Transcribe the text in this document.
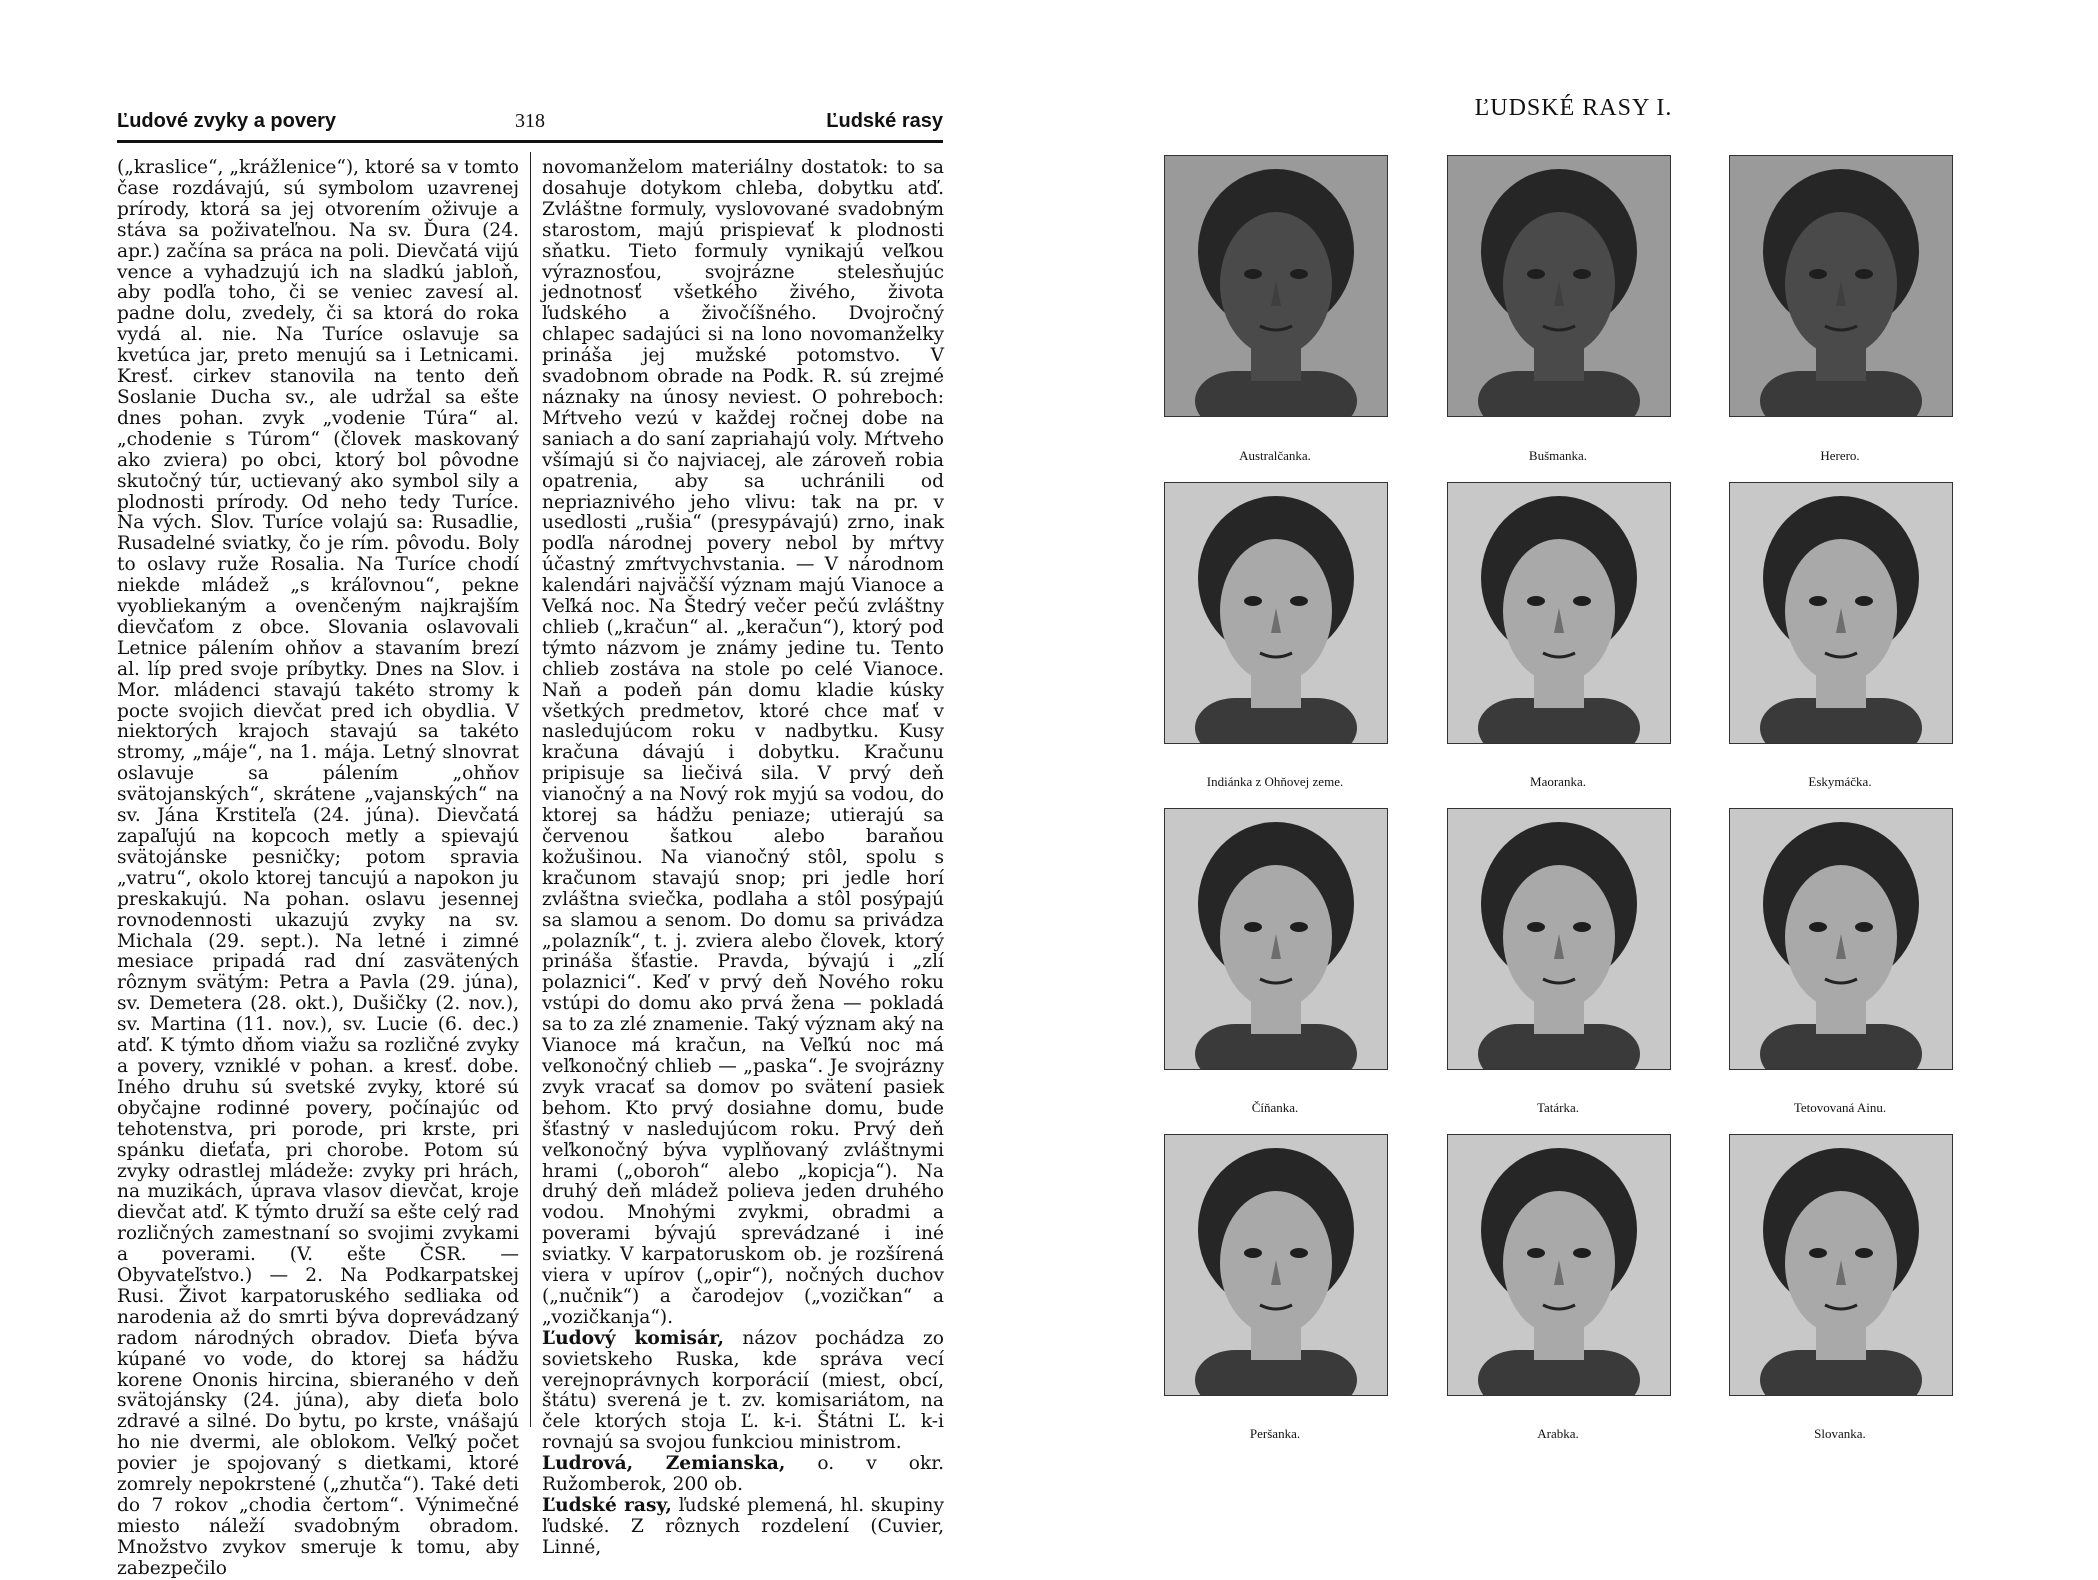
Ľudové zvyky a povery	318	Ľudské rasy

(„kraslice“, „krážlenice“), ktoré sa v tomto čase rozdávajú, sú symbolom uzavrenej prírody, ktorá sa jej otvorením oživuje a stáva sa poživateľnou. Na sv. Ďura (24. apr.) začína sa práca na poli. Dievčatá vijú vence a vyhadzujú ich na sladkú jabloň, aby podľa toho, či se veniec zavesí al. padne dolu, zvedely, či sa ktorá do roka vydá al. nie. Na Turíce oslavuje sa kvetúca jar, preto menujú sa i Letnicami. Kresť. cirkev stanovila na tento deň Soslanie Ducha sv., ale udržal sa ešte dnes pohan. zvyk „vodenie Túra“ al. „chodenie s Túrom“ (človek maskovaný ako zviera) po obci, ktorý bol pôvodne skutočný túr, uctievaný ako symbol sily a plodnosti prírody. Od neho tedy Turíce. Na vých. Slov. Turíce volajú sa: Rusadlie, Rusadelné sviatky, čo je rím. pôvodu. Boly to oslavy ruže Rosalia. Na Turíce chodí niekde mládež „s kráľovnou“, pekne vyobliekaným a ovenčeným najkrajším dievčaťom z obce. Slovania oslavovali Letnice pálením ohňov a stavaním brezí al. líp pred svoje príbytky. Dnes na Slov. i Mor. mládenci stavajú takéto stromy k pocte svojich dievčat pred ich obydlia. V niektorých krajoch stavajú sa takéto stromy, „máje“, na 1. mája. Letný slnovrat oslavuje sa pálením „ohňov svätojanských“, skrátene „vajanských“ na sv. Jána Krstiteľa (24. júna). Dievčatá zapaľujú na kopcoch metly a spievajú svätojánske pesničky; potom spravia „vatru“, okolo ktorej tancujú a napokon ju preskakujú. Na pohan. oslavu jesennej rovnodennosti ukazujú zvyky na sv. Michala (29. sept.). Na letné i zimné mesiace pripadá rad dní zasvätených rôznym svätým: Petra a Pavla (29. júna), sv. Demetera (28. okt.), Dušičky (2. nov.), sv. Martina (11. nov.), sv. Lucie (6. dec.) atď. K týmto dňom viažu sa rozličné zvyky a povery, vzniklé v pohan. a kresť. dobe. Iného druhu sú svetské zvyky, ktoré sú obyčajne rodinné povery, počínajúc od tehotenstva, pri porode, pri krste, pri spánku dieťaťa, pri chorobe. Potom sú zvyky odrastlej mládeže: zvyky pri hrách, na muzikách, úprava vlasov dievčat, kroje dievčat atď. K týmto druží sa ešte celý rad rozličných zamestnaní so svojimi zvykami a poverami. (V. ešte ČSR. — Obyvateľstvo.) — 2. Na Podkarpatskej Rusi. Život karpatoruského sedliaka od narodenia až do smrti býva doprevádzaný radom národných obradov. Dieťa býva kúpané vo vode, do ktorej sa hádžu korene Ononis hircina, sbieraného v deň svätojánsky (24. júna), aby dieťa bolo zdravé a silné. Do bytu, po krste, vnášajú ho nie dvermi, ale oblokom. Veľký počet povier je spojovaný s dietkami, ktoré zomrely nepokrstené („zhutča“). Také deti do 7 rokov „chodia čertom“. Výnimečné miesto náleží svadobným obradom. Množstvo zvykov smeruje k tomu, aby zabezpečilo

novomanželom materiálny dostatok: to sa dosahuje dotykom chleba, dobytku atď. Zvláštne formuly, vyslovované svadobným starostom, majú prispievať k plodnosti sňatku. Tieto formuly vynikajú veľkou výraznosťou, svojrázne stelesňujúc jednotnosť všetkého živého, života ľudského a živočíšného. Dvojročný chlapec sadajúci si na lono novomanželky prináša jej mužské potomstvo. V svadobnom obrade na Podk. R. sú zrejmé náznaky na únosy neviest. O pohreboch: Mŕtveho vezú v každej ročnej dobe na saniach a do saní zapriahajú voly. Mŕtveho všímajú si čo najviacej, ale zároveň robia opatrenia, aby sa uchránili od nepriaznivého jeho vlivu: tak na pr. v usedlosti „rušia“ (presypávajú) zrno, inak podľa národnej povery nebol by mŕtvy účastný zmŕtvychvstania. — V národnom kalendári najväčší význam majú Vianoce a Veľká noc. Na Štedrý večer pečú zvláštny chlieb („kračun“ al. „keračun“), ktorý pod týmto názvom je známy jedine tu. Tento chlieb zostáva na stole po celé Vianoce. Naň a podeň pán domu kladie kúsky všetkých predmetov, ktoré chce mať v nasledujúcom roku v nadbytku. Kusy kračuna dávajú i dobytku. Kračunu pripisuje sa liečivá sila. V prvý deň vianočný a na Nový rok myjú sa vodou, do ktorej sa hádžu peniaze; utierajú sa červenou šatkou alebo baraňou kožušinou. Na vianočný stôl, spolu s kračunom stavajú snop; pri jedle horí zvláštna sviečka, podlaha a stôl posýpajú sa slamou a senom. Do domu sa privádza „polazník“, t. j. zviera alebo človek, ktorý prináša šťastie. Pravda, bývajú i „zlí polaznici“. Keď v prvý deň Nového roku vstúpi do domu ako prvá žena — pokladá sa to za zlé znamenie. Taký význam aký na Vianoce má kračun, na Veľkú noc má veľkonočný chlieb — „paska“. Je svojrázny zvyk vracať sa domov po svätení pasiek behom. Kto prvý dosiahne domu, bude šťastný v nasledujúcom roku. Prvý deň veľkonočný býva vyplňovaný zvláštnymi hrami („oboroh“ alebo „kopicja“). Na druhý deň mládež polieva jeden druhého vodou. Mnohými zvykmi, obradmi a poverami bývajú sprevádzané i iné sviatky. V karpatoruskom ob. je rozšírená viera v upírov („opir“), nočných duchov („nučnik“) a čarodejov („vozičkan“ a „vozičkanja“).

Ľudový komisár, názov pochádza zo sovietskeho Ruska, kde správa vecí verejnoprávnych korporácií (miest, obcí, štátu) sverená je t. zv. komisariátom, na čele ktorých stoja Ľ. k-i. Štátni Ľ. k-i rovnajú sa svojou funkciou ministrom.

Ludrová, Zemianska, o. v okr. Ružomberok, 200 ob.

Ľudské rasy, ľudské plemená, hl. skupiny ľudské. Z rôznych rozdelení (Cuvier, Linné,

ĽUDSKÉ RASY I.
Australčanka.	Bušmanka.	Herero.
Indiánka z Ohňovej zeme.	Maoranka.	Eskymáčka.
Číňanka.	Tatárka.	Tetovovaná Ainu.
Peršanka.	Arabka.	Slovanka.
